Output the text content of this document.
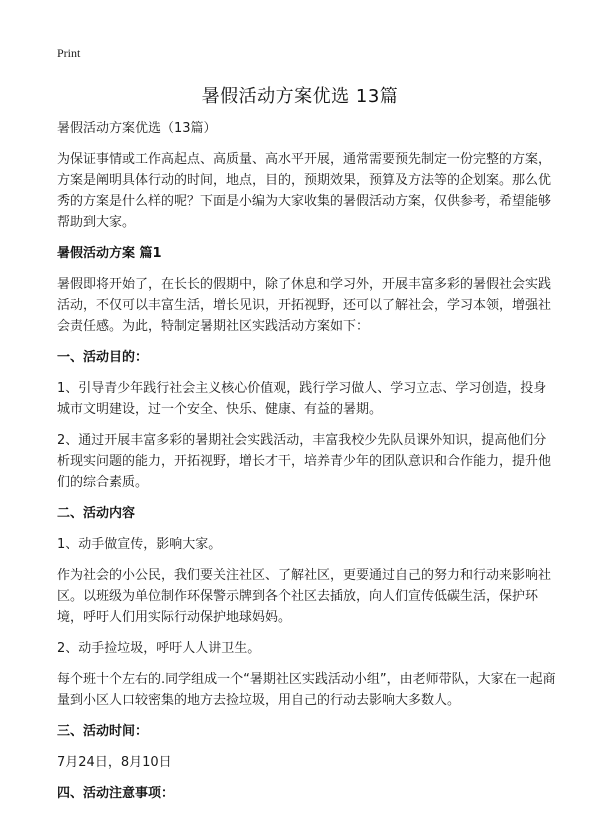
Print
暑假活动方案优选 13篇

暑假活动方案优选（13篇）

为保证事情或工作高起点、高质量、高水平开展，通常需要预先制定一份完整的方案，方案是阐明具体行动的时间，地点，目的，预期效果，预算及方法等的企划案。那么优秀的方案是什么样的呢？下面是小编为大家收集的暑假活动方案，仅供参考，希望能够帮助到大家。

暑假活动方案 篇1

暑假即将开始了，在长长的假期中，除了休息和学习外，开展丰富多彩的暑假社会实践活动，不仅可以丰富生活，增长见识，开拓视野，还可以了解社会，学习本领，增强社会责任感。为此，特制定暑期社区实践活动方案如下：

一、活动目的：

1、引导青少年践行社会主义核心价值观，践行学习做人、学习立志、学习创造，投身城市文明建设，过一个安全、快乐、健康、有益的暑期。

2、通过开展丰富多彩的暑期社会实践活动，丰富我校少先队员课外知识，提高他们分析现实问题的能力，开拓视野，增长才干，培养青少年的团队意识和合作能力，提升他们的综合素质。

二、活动内容

1、动手做宣传，影响大家。

作为社会的小公民，我们要关注社区、了解社区，更要通过自己的努力和行动来影响社区。以班级为单位制作环保警示牌到各个社区去插放，向人们宣传低碳生活，保护环境，呼吁人们用实际行动保护地球妈妈。

2、动手捡垃圾，呼吁人人讲卫生。

每个班十个左右的.同学组成一个“暑期社区实践活动小组”，由老师带队，大家在一起商量到小区人口较密集的地方去捡垃圾，用自己的行动去影响大多数人。

三、活动时间：

7月24日，8月10日

四、活动注意事项：
